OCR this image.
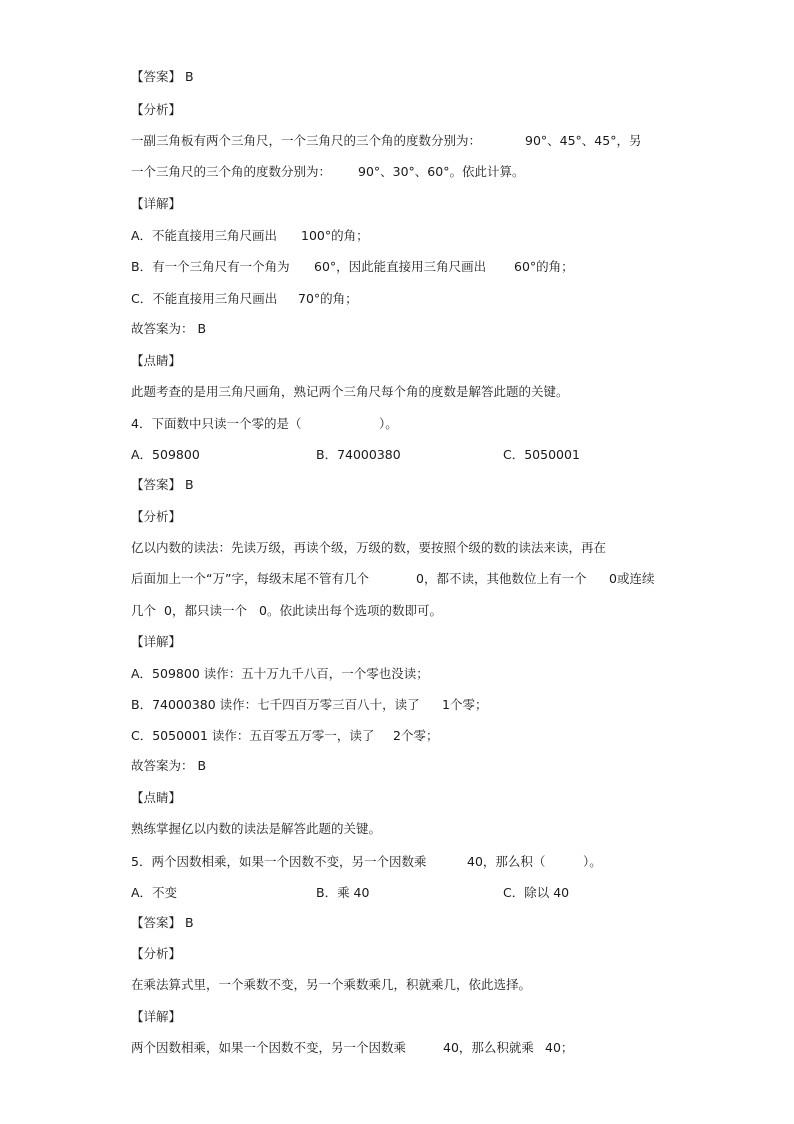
【答案】 B
【分析】
一副三角板有两个三角尺，一个三角尺的三个角的度数分别为：	90°、45°、45°，另
一个三角尺的三个角的度数分别为： 90°、30°、60°。依此计算。
【详解】
A．不能直接用三角尺画出 100°的角；
B．有一个三角尺有一个角为 60°，因此能直接用三角尺画出 60°的角；
C．不能直接用三角尺画出 70°的角；
故答案为： B
【点睛】
此题考查的是用三角尺画角，熟记两个三角尺每个角的度数是解答此题的关键。
4．下面数中只读一个零的是（	）。
A．509800	B．74000380	C．5050001
【答案】 B
【分析】
亿以内数的读法：先读万级，再读个级，万级的数，要按照个级的数的读法来读，再在
后面加上一个“万”字，每级末尾不管有几个	0，都不读，其他数位上有一个 0或连续
几个 0，都只读一个 0。依此读出每个选项的数即可。
【详解】
A．509800 读作：五十万九千八百，一个零也没读；
B．74000380 读作：七千四百万零三百八十，读了 1个零；
C．5050001 读作：五百零五万零一，读了 2个零；
故答案为： B
【点睛】
熟练掌握亿以内数的读法是解答此题的关键。
5．两个因数相乘，如果一个因数不变，另一个因数乘	40，那么积（	）。
A．不变	B．乘 40	C．除以 40
【答案】 B
【分析】
在乘法算式里，一个乘数不变，另一个乘数乘几，积就乘几，依此选择。
【详解】
两个因数相乘，如果一个因数不变，另一个因数乘	40，那么积就乘 40；
